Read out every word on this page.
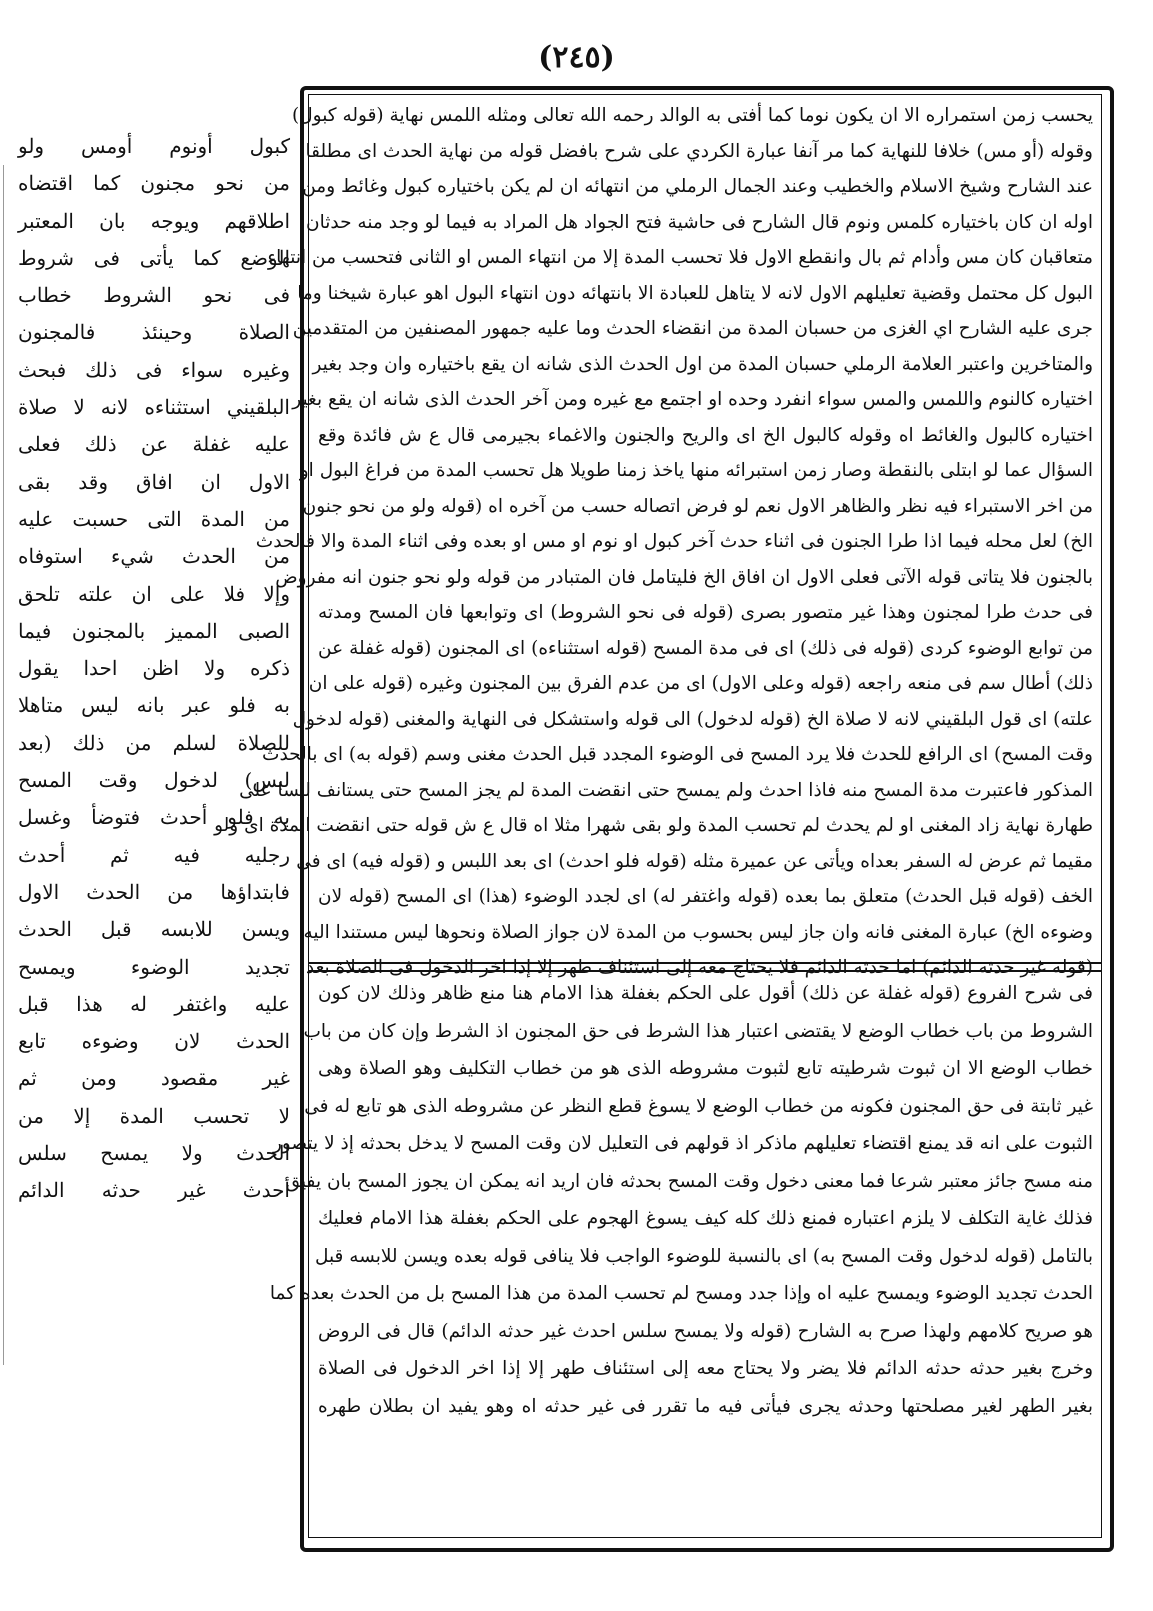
(٢٤٥)
كبول أونوم أومس ولو
من نحو مجنون كما اقتضاه
اطلاقهم ويوجه بان المعتبر
الوضع كما يأتى فى شروط
فى نحو الشروط خطاب
الصلاة وحينئذ فالمجنون
وغيره سواء فى ذلك فبحث
البلقيني استثناءه لانه لا صلاة
عليه غفلة عن ذلك فعلى
الاول ان افاق وقد بقى
من المدة التى حسبت عليه
من الحدث شيء استوفاه
وإلا فلا على ان علته تلحق
الصبى المميز بالمجنون فيما
ذكره ولا اظن احدا يقول
به فلو عبر بانه ليس متاهلا
للصلاة لسلم من ذلك (بعد
لبس) لدخول وقت المسح
به فلو أحدث فتوضأ وغسل
رجليه فيه ثم أحدث
فابتداؤها من الحدث الاول
ويسن للابسه قبل الحدث
تجديد الوضوء ويمسح
عليه واغتفر له هذا قبل
الحدث لان وضوءه تابع
غير مقصود ومن ثم
لا تحسب المدة إلا من
الحدث ولا يمسح سلس
أحدث غير حدثه الدائم
يحسب زمن استمراره الا ان يكون نوما كما أفتى به الوالد رحمه الله تعالى ومثله اللمس نهاية (قوله كبول)
وقوله (أو مس) خلافا للنهاية كما مر آنفا عبارة الكردي على شرح بافضل قوله من نهاية الحدث اى مطلقا
عند الشارح وشيخ الاسلام والخطيب وعند الجمال الرملي من انتهائه ان لم يكن باختياره كبول وغائط ومن
اوله ان كان باختياره كلمس ونوم قال الشارح فى حاشية فتح الجواد هل المراد به فيما لو وجد منه حدثان
متعاقبان كان مس وأدام ثم بال وانقطع الاول فلا تحسب المدة إلا من انتهاء المس او الثانى فتحسب من انتهاء
البول كل محتمل وقضية تعليلهم الاول لانه لا يتاهل للعبادة الا بانتهائه دون انتهاء البول اهو عبارة شيخنا وما
جرى عليه الشارح اي الغزى من حسبان المدة من انقضاء الحدث وما عليه جمهور المصنفين من المتقدمين
والمتاخرين واعتبر العلامة الرملي حسبان المدة من اول الحدث الذى شانه ان يقع باختياره وان وجد بغير
اختياره كالنوم واللمس والمس سواء انفرد وحده او اجتمع مع غيره ومن آخر الحدث الذى شانه ان يقع بغير
اختياره كالبول والغائط اه وقوله كالبول الخ اى والريح والجنون والاغماء بجيرمى قال ع ش فائدة وقع
السؤال عما لو ابتلى بالنقطة وصار زمن استبرائه منها ياخذ زمنا طويلا هل تحسب المدة من فراغ البول او
من اخر الاستبراء فيه نظر والظاهر الاول نعم لو فرض اتصاله حسب من آخره اه (قوله ولو من نحو جنون
الخ) لعل محله فيما اذا طرا الجنون فى اثناء حدث آخر كبول او نوم او مس او بعده وفى اثناء المدة والا فالحدث
بالجنون فلا يتاتى قوله الآتى فعلى الاول ان افاق الخ فليتامل فان المتبادر من قوله ولو نحو جنون انه مفروض
فى حدث طرا لمجنون وهذا غير متصور بصرى (قوله فى نحو الشروط) اى وتوابعها فان المسح ومدته
من توابع الوضوء كردى (قوله فى ذلك) اى فى مدة المسح (قوله استثناءه) اى المجنون (قوله غفلة عن
ذلك) أطال سم فى منعه راجعه (قوله وعلى الاول) اى من عدم الفرق بين المجنون وغيره (قوله على ان
علته) اى قول البلقيني لانه لا صلاة الخ (قوله لدخول) الى قوله واستشكل فى النهاية والمغنى (قوله لدخول
وقت المسح) اى الرافع للحدث فلا يرد المسح فى الوضوء المجدد قبل الحدث مغنى وسم (قوله به) اى بالحدث
المذكور فاعتبرت مدة المسح منه فاذا احدث ولم يمسح حتى انقضت المدة لم يجز المسح حتى يستانف لبسا على
طهارة نهاية زاد المغنى او لم يحدث لم تحسب المدة ولو بقى شهرا مثلا اه قال ع ش قوله حتى انقضت المدة اى ولو
مقيما ثم عرض له السفر بعداه ويأتى عن عميرة مثله (قوله فلو احدث) اى بعد اللبس و (قوله فيه) اى فى
الخف (قوله قبل الحدث) متعلق بما بعده (قوله واغتفر له) اى لجدد الوضوء (هذا) اى المسح (قوله لان
وضوءه الخ) عبارة المغنى فانه وان جاز ليس بحسوب من المدة لان جواز الصلاة ونحوها ليس مستندا اليه
(قوله غير حدثه الدائم) اما حدثه الدائم فلا يحتاج معه إلى استئناف طهر إلا إذا اخر الدخول فى الصلاة بعد
فى شرح الفروع (قوله غفلة عن ذلك) أقول على الحكم بغفلة هذا الامام هنا منع ظاهر وذلك لان كون
الشروط من باب خطاب الوضع لا يقتضى اعتبار هذا الشرط فى حق المجنون اذ الشرط وإن كان من باب
خطاب الوضع الا ان ثبوت شرطيته تابع لثبوت مشروطه الذى هو من خطاب التكليف وهو الصلاة وهى
غير ثابتة فى حق المجنون فكونه من خطاب الوضع لا يسوغ قطع النظر عن مشروطه الذى هو تابع له فى
الثبوت على انه قد يمنع اقتضاء تعليلهم ماذكر اذ قولهم فى التعليل لان وقت المسح لا يدخل بحدثه إذ لا يتصور
منه مسح جائز معتبر شرعا فما معنى دخول وقت المسح بحدثه فان اريد انه يمكن ان يجوز المسح بان يفيق
فذلك غاية التكلف لا يلزم اعتباره فمنع ذلك كله كيف يسوغ الهجوم على الحكم بغفلة هذا الامام فعليك
بالتامل (قوله لدخول وقت المسح به) اى بالنسبة للوضوء الواجب فلا ينافى قوله بعده ويسن للابسه قبل
الحدث تجديد الوضوء ويمسح عليه اه وإذا جدد ومسح لم تحسب المدة من هذا المسح بل من الحدث بعده كما
هو صريح كلامهم ولهذا صرح به الشارح (قوله ولا يمسح سلس احدث غير حدثه الدائم) قال فى الروض
وخرج بغير حدثه حدثه الدائم فلا يضر ولا يحتاج معه إلى استئناف طهر إلا إذا اخر الدخول فى الصلاة
بغير الطهر لغير مصلحتها وحدثه يجرى فيأتى فيه ما تقرر فى غير حدثه اه وهو يفيد ان بطلان طهره
